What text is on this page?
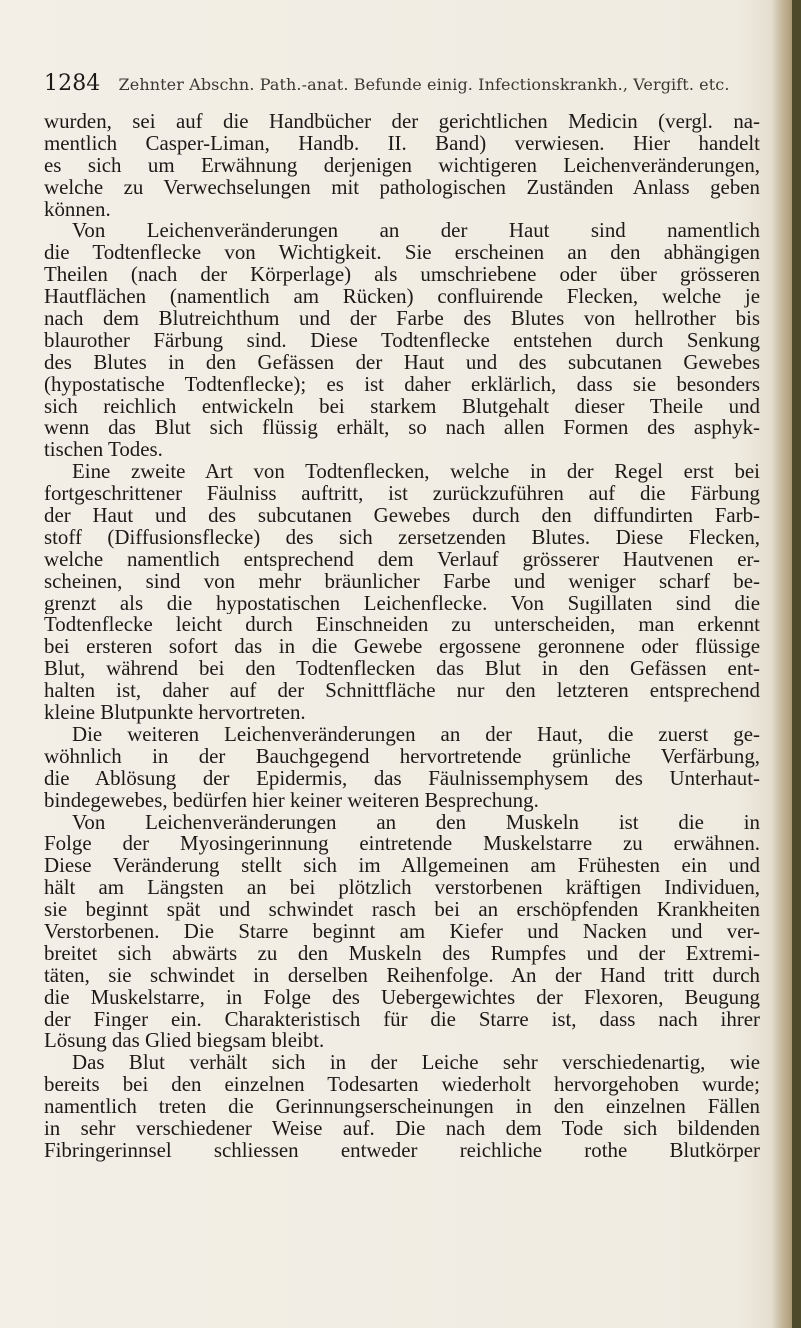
1284 Zehnter Abschn. Path.-anat. Befunde einig. Infectionskrankh., Vergift. etc.
wurden, sei auf die Handbücher der gerichtlichen Medicin (vergl. na-
mentlich Casper-Liman, Handb. II. Band) verwiesen. Hier handelt
es sich um Erwähnung derjenigen wichtigeren Leichenveränderungen,
welche zu Verwechselungen mit pathologischen Zuständen Anlass geben
können.
Von Leichenveränderungen an der Haut sind namentlich
die Todtenflecke von Wichtigkeit. Sie erscheinen an den abhängigen
Theilen (nach der Körperlage) als umschriebene oder über grösseren
Hautflächen (namentlich am Rücken) confluirende Flecken, welche je
nach dem Blutreichthum und der Farbe des Blutes von hellrother bis
blaurother Färbung sind. Diese Todtenflecke entstehen durch Senkung
des Blutes in den Gefässen der Haut und des subcutanen Gewebes
(hypostatische Todtenflecke); es ist daher erklärlich, dass sie besonders
sich reichlich entwickeln bei starkem Blutgehalt dieser Theile und
wenn das Blut sich flüssig erhält, so nach allen Formen des asphyk-
tischen Todes.
Eine zweite Art von Todtenflecken, welche in der Regel erst bei
fortgeschrittener Fäulniss auftritt, ist zurückzuführen auf die Färbung
der Haut und des subcutanen Gewebes durch den diffundirten Farb-
stoff (Diffusionsflecke) des sich zersetzenden Blutes. Diese Flecken,
welche namentlich entsprechend dem Verlauf grösserer Hautvenen er-
scheinen, sind von mehr bräunlicher Farbe und weniger scharf be-
grenzt als die hypostatischen Leichenflecke. Von Sugillaten sind die
Todtenflecke leicht durch Einschneiden zu unterscheiden, man erkennt
bei ersteren sofort das in die Gewebe ergossene geronnene oder flüssige
Blut, während bei den Todtenflecken das Blut in den Gefässen ent-
halten ist, daher auf der Schnittfläche nur den letzteren entsprechend
kleine Blutpunkte hervortreten.
Die weiteren Leichenveränderungen an der Haut, die zuerst ge-
wöhnlich in der Bauchgegend hervortretende grünliche Verfärbung,
die Ablösung der Epidermis, das Fäulnissemphysem des Unterhaut-
bindegewebes, bedürfen hier keiner weiteren Besprechung.
Von Leichenveränderungen an den Muskeln ist die in
Folge der Myosingerinnung eintretende Muskelstarre zu erwähnen.
Diese Veränderung stellt sich im Allgemeinen am Frühesten ein und
hält am Längsten an bei plötzlich verstorbenen kräftigen Individuen,
sie beginnt spät und schwindet rasch bei an erschöpfenden Krankheiten
Verstorbenen. Die Starre beginnt am Kiefer und Nacken und ver-
breitet sich abwärts zu den Muskeln des Rumpfes und der Extremi-
täten, sie schwindet in derselben Reihenfolge. An der Hand tritt durch
die Muskelstarre, in Folge des Uebergewichtes der Flexoren, Beugung
der Finger ein. Charakteristisch für die Starre ist, dass nach ihrer
Lösung das Glied biegsam bleibt.
Das Blut verhält sich in der Leiche sehr verschiedenartig, wie
bereits bei den einzelnen Todesarten wiederholt hervorgehoben wurde;
namentlich treten die Gerinnungserscheinungen in den einzelnen Fällen
in sehr verschiedener Weise auf. Die nach dem Tode sich bildenden
Fibringerinnsel schliessen entweder reichliche rothe Blutkörper
